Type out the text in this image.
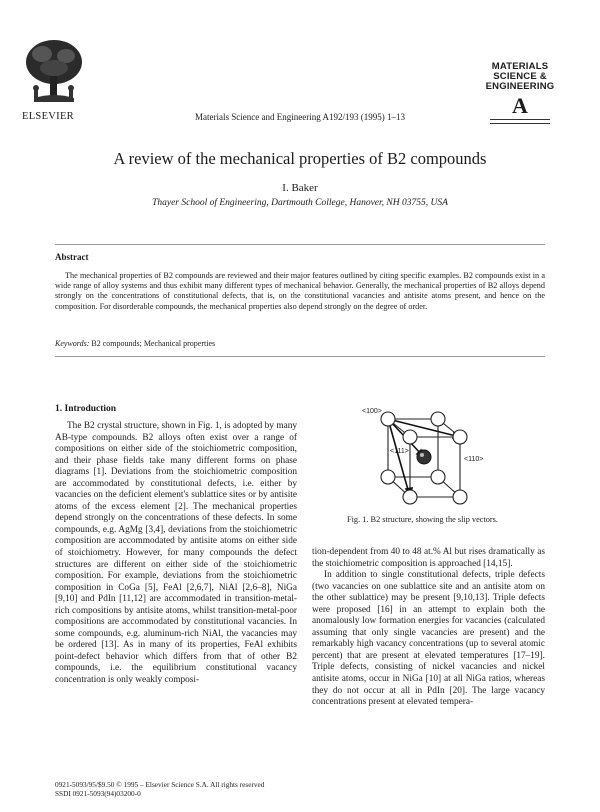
ELSEVIER	Materials Science and Engineering A192/193 (1995) 1–13
MATERIALS
SCIENCE &
ENGINEERING
A
A review of the mechanical properties of B2 compounds
I. Baker
Thayer School of Engineering, Dartmouth College, Hanover, NH 03755, USA
Abstract
The mechanical properties of B2 compounds are reviewed and their major features outlined by citing specific examples. B2 compounds exist in a wide range of alloy systems and thus exhibit many different types of mechanical behavior. Generally, the mechanical properties of B2 alloys depend strongly on the concentrations of constitutional defects, that is, on the constitutional vacancies and antisite atoms present, and hence on the composition. For disorderable compounds, the mechanical properties also depend strongly on the degree of order.
Keywords: B2 compounds; Mechanical properties
1. Introduction
The B2 crystal structure, shown in Fig. 1, is adopted by many AB-type compounds. B2 alloys often exist over a range of compositions on either side of the stoichiometric composition, and their phase fields take many different forms on phase diagrams [1]. Deviations from the stoichiometric composition are accommodated by constitutional defects, i.e. either by vacancies on the deficient element's sublattice sites or by antisite atoms of the excess element [2]. The mechanical properties depend strongly on the concentrations of these defects. In some compounds, e.g. AgMg [3,4], deviations from the stoichiometric composition are accommodated by antisite atoms on either side of stoichiometry. However, for many compounds the defect structures are different on either side of the stoichiometric composition. For example, deviations from the stoichiometric composition in CoGa [5], FeAl [2,6,7], NiAl [2,6–8], NiGa [9,10] and PdIn [11,12] are accommodated in transition-metal-rich compositions by antisite atoms, whilst transition-metal-poor compositions are accommodated by constitutional vacancies. In some compounds, e.g. aluminum-rich NiAl, the vacancies may be ordered [13]. As in many of its properties, FeAl exhibits point-defect behavior which differs from that of other B2 compounds, i.e. the equilibrium constitutional vacancy concentration is only weakly composi-
<100>
<110>
<111>
Fig. 1. B2 structure, showing the slip vectors.

tion-dependent from 40 to 48 at.% Al but rises dramatically as the stoichiometric composition is approached [14,15].

In addition to single constitutional defects, triple defects (two vacancies on one sublattice site and an antisite atom on the other sublattice) may be present [9,10,13]. Triple defects were proposed [16] in an attempt to explain both the anomalously low formation energies for vacancies (calculated assuming that only single vacancies are present) and the remarkably high vacancy concentrations (up to several atomic percent) that are present at elevated temperatures [17–19]. Triple defects, consisting of nickel vacancies and nickel antisite atoms, occur in NiGa [10] at all NiGa ratios, whereas they do not occur at all in PdIn [20]. The large vacancy concentrations present at elevated tempera-

0921-5093/95/$9.50 © 1995 – Elsevier Science S.A. All rights reserved
SSDI 0921-5093(94)03200-0
